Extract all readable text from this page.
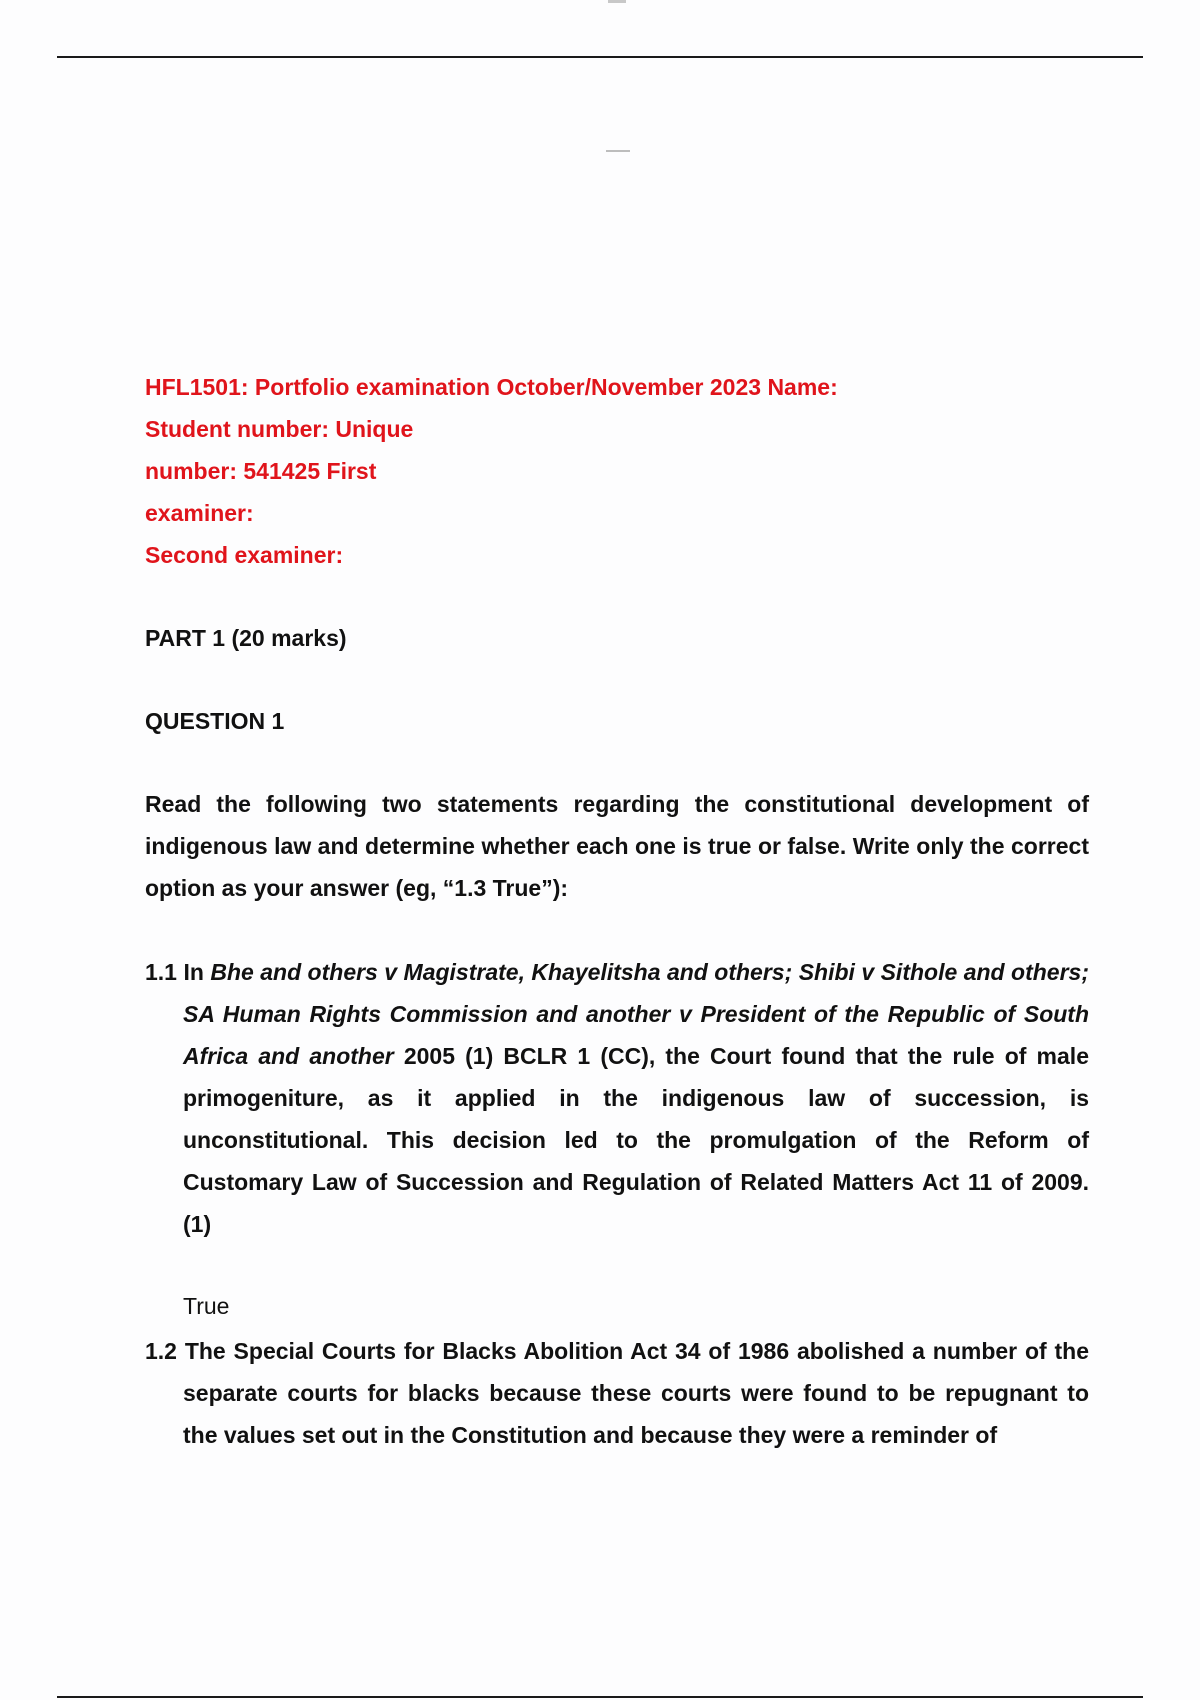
HFL1501: Portfolio examination October/November 2023 Name:
Student number: Unique
number: 541425 First
examiner:
Second examiner:
PART 1 (20 marks)
QUESTION 1
Read the following two statements regarding the constitutional development of indigenous law and determine whether each one is true or false. Write only the correct option as your answer (eg, “1.3 True”):

1.1 In Bhe and others v Magistrate, Khayelitsha and others; Shibi v Sithole and others; SA Human Rights Commission and another v President of the Republic of South Africa and another 2005 (1) BCLR 1 (CC), the Court found that the rule of male primogeniture, as it applied in the indigenous law of succession, is unconstitutional. This decision led to the promulgation of the Reform of Customary Law of Succession and Regulation of Related Matters Act 11 of 2009. (1)

True

1.2 The Special Courts for Blacks Abolition Act 34 of 1986 abolished a number of the separate courts for blacks because these courts were found to be repugnant to the values set out in the Constitution and because they were a reminder of
